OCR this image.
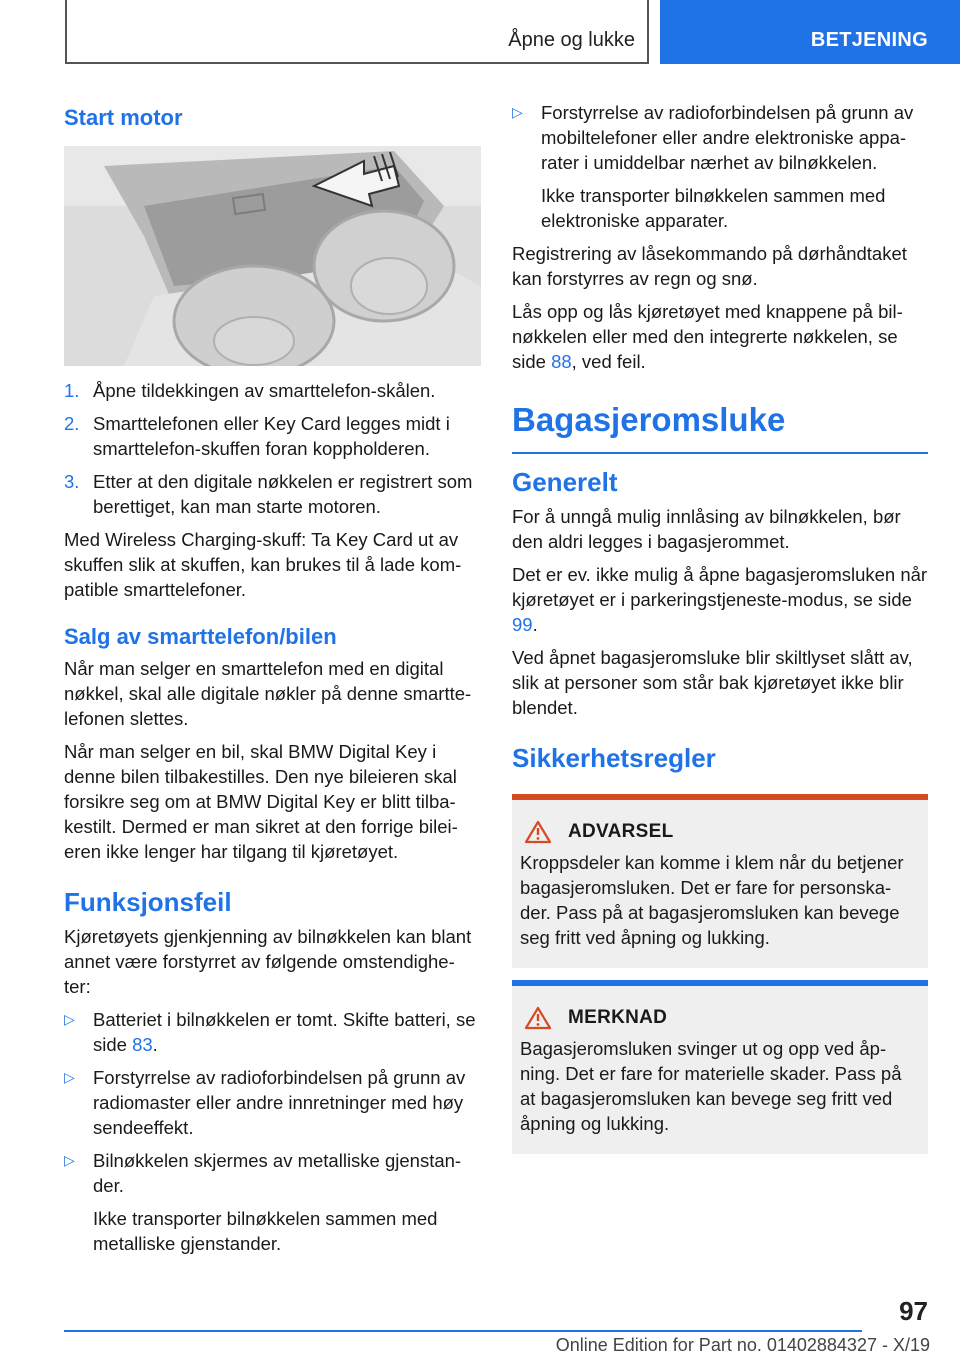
Åpne og lukke	BETJENING
Start motor
1. Åpne tildekkingen av smarttelefon-skålen.
2. Smarttelefonen eller Key Card legges midt i smarttelefon-skuffen foran koppholderen.
3. Etter at den digitale nøkkelen er registrert som berettiget, kan man starte motoren.

Med Wireless Charging-skuff: Ta Key Card ut av skuffen slik at skuffen, kan brukes til å lade kom-patible smarttelefoner.

Salg av smarttelefon/bilen

Når man selger en smarttelefon med en digital nøkkel, skal alle digitale nøkler på denne smartte-lefonen slettes.

Når man selger en bil, skal BMW Digital Key i denne bilen tilbakestilles. Den nye bileieren skal forsikre seg om at BMW Digital Key er blitt tilba-kestilt. Dermed er man sikret at den forrige bilei-eren ikke lenger har tilgang til kjøretøyet.

Funksjonsfeil

Kjøretøyets gjenkjenning av bilnøkkelen kan blant annet være forstyrret av følgende omstendighe-ter:

▷ Batteriet i bilnøkkelen er tomt. Skifte batteri, se side 83.
▷ Forstyrrelse av radioforbindelsen på grunn av radiomaster eller andre innretninger med høy sendeeffekt.
▷ Bilnøkkelen skjermes av metalliske gjenstan-der.
Ikke transporter bilnøkkelen sammen med metalliske gjenstander.
▷ Forstyrrelse av radioforbindelsen på grunn av mobiltelefoner eller andre elektroniske appa-rater i umiddelbar nærhet av bilnøkkelen.
Ikke transporter bilnøkkelen sammen med elektroniske apparater.

Registrering av låsekommando på dørhåndtaket kan forstyrres av regn og snø.

Lås opp og lås kjøretøyet med knappene på bil-nøkkelen eller med den integrerte nøkkelen, se side 88, ved feil.

Bagasjeromsluke
Generelt

For å unngå mulig innlåsing av bilnøkkelen, bør den aldri legges i bagasjerommet.

Det er ev. ikke mulig å åpne bagasjeromsluken når kjøretøyet er i parkeringstjeneste-modus, se side 99.

Ved åpnet bagasjeromsluke blir skiltlyset slått av, slik at personer som står bak kjøretøyet ikke blir blendet.

Sikkerhetsregler
ADVARSEL

Kroppsdeler kan komme i klem når du betjener bagasjeromsluken. Det er fare for personska-der. Pass på at bagasjeromsluken kan bevege seg fritt ved åpning og lukking.

MERKNAD

Bagasjeromsluken svinger ut og opp ved åp-ning. Det er fare for materielle skader. Pass på at bagasjeromsluken kan bevege seg fritt ved åpning og lukking.

97
Online Edition for Part no. 01402884327 - X/19
